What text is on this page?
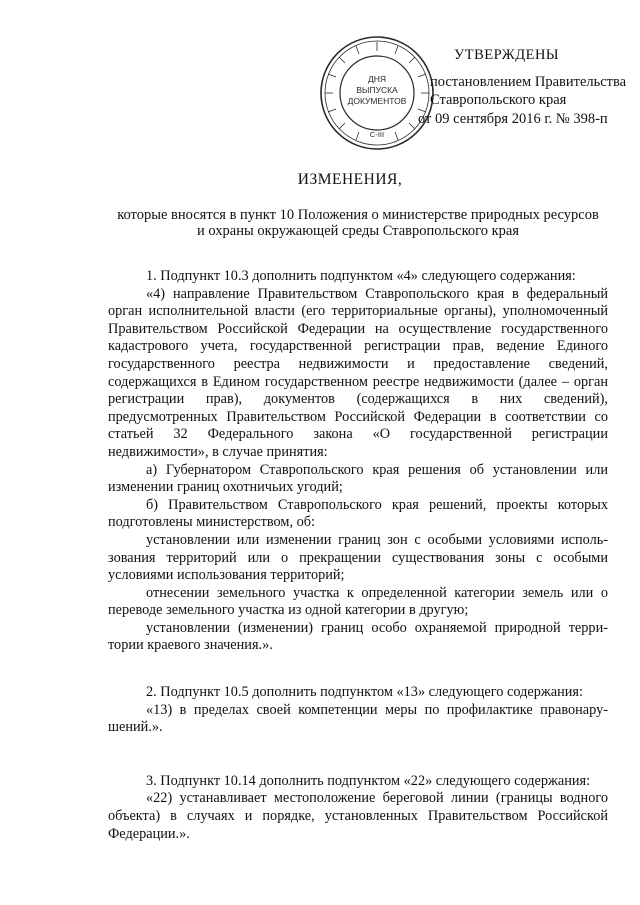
ДНЯ
ВЫПУСКА
ДОКУМЕНТОВ
С-III
УТВЕРЖДЕНЫ
постановлением Правительства
Ставропольского края
от 09 сентября 2016 г. № 398-п
ИЗМЕНЕНИЯ,
которые вносятся в пункт 10 Положения о министерстве природных ресурсов
и охраны окружающей среды Ставропольского края

1. Подпункт 10.3 дополнить подпунктом «4» следующего содержания:

«4) направление Правительством Ставропольского края в федеральный орган исполнительной власти (его территориальные органы), уполномоченный Правительством Российской Федерации на осуществление государственного кадастрового учета, государственной регистрации прав, ведение Единого государственного реестра недвижимости и предоставление сведений, содержащихся в Едином государственном реестре недвижимости (далее – орган регистрации прав), документов (содержащихся в них сведений), предусмотренных Правительством Российской Федерации в соответствии со статьей 32 Федерального закона «О государственной регистрации недвижимости», в случае принятия:

а) Губернатором Ставропольского края решения об установлении или изменении границ охотничьих угодий;

б) Правительством Ставропольского края решений, проекты которых подготовлены министерством, об:

установлении или изменении границ зон с особыми условиями использования территорий или о прекращении существования зоны с особыми условиями использования территорий;

отнесении земельного участка к определенной категории земель или о переводе земельного участка из одной категории в другую;

установлении (изменении) границ особо охраняемой природной территории краевого значения.».

2. Подпункт 10.5 дополнить подпунктом «13» следующего содержания:

«13) в пределах своей компетенции меры по профилактике правонарушений.».

3. Подпункт 10.14 дополнить подпунктом «22» следующего содержания:

«22) устанавливает местоположение береговой линии (границы водного объекта) в случаях и порядке, установленных Правительством Российской Федерации.».
